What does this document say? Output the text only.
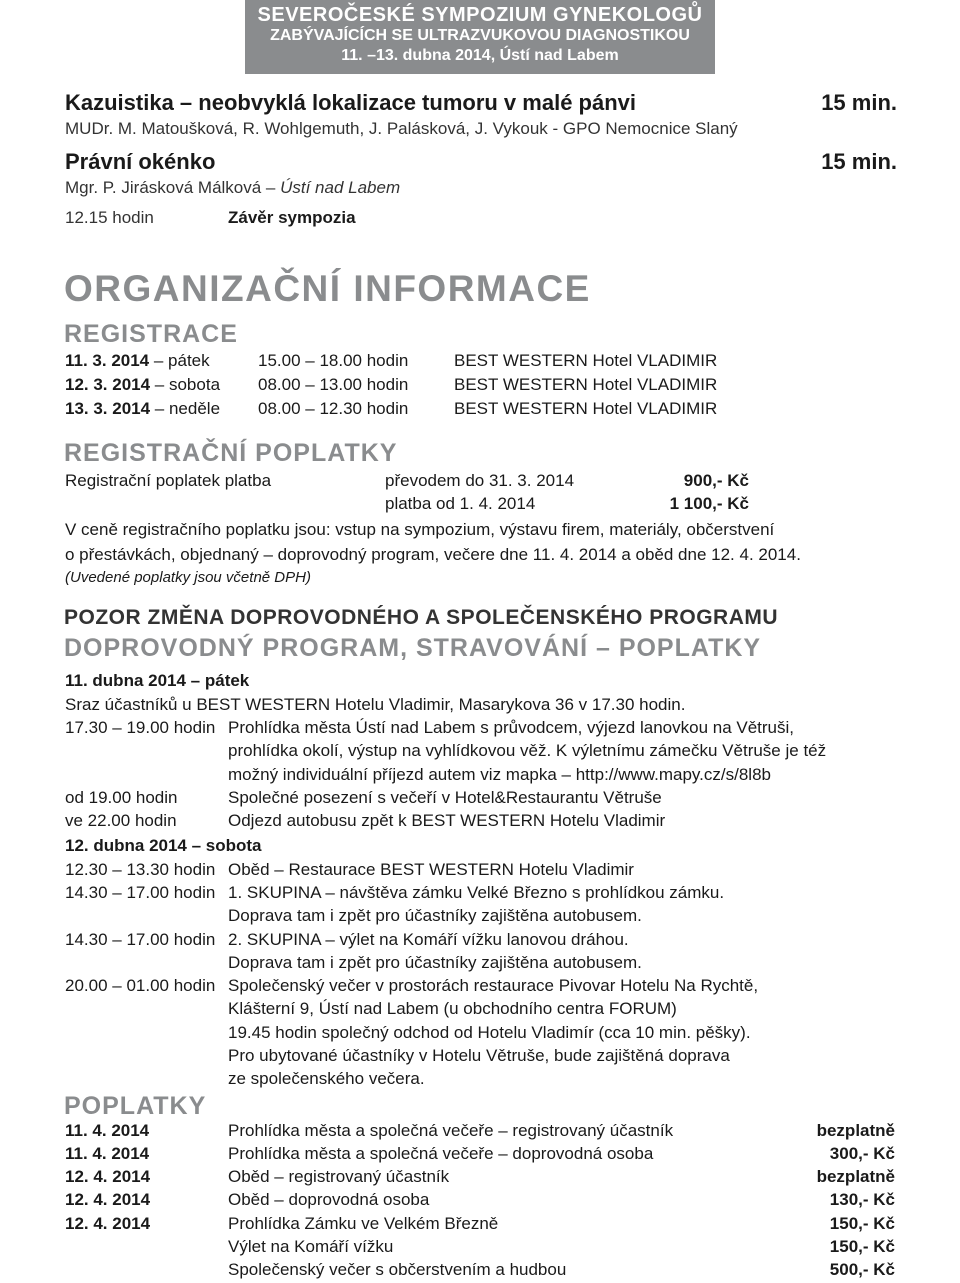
SEVEROČESKÉ SYMPOZIUM GYNEKOLOGŮ
ZABÝVAJÍCÍCH SE ULTRAZVUKOVOU DIAGNOSTIKOU
11. –13. dubna 2014, Ústí nad Labem
Kazuistika – neobvyklá lokalizace tumoru v malé pánvi	15 min.
MUDr. M. Matoušková, R. Wohlgemuth, J. Palásková, J. Vykouk - GPO Nemocnice Slaný
Právní okénko	15 min.
Mgr. P. Jirásková Málková – Ústí nad Labem
12.15 hodin	Závěr sympozia
ORGANIZAČNÍ INFORMACE
REGISTRACE
11. 3. 2014 – pátek	15.00 – 18.00 hodin	BEST WESTERN Hotel VLADIMIR
12. 3. 2014 – sobota 08.00 – 13.00 hodin	BEST WESTERN Hotel VLADIMIR
13. 3. 2014 – neděle 08.00 – 12.30 hodin	BEST WESTERN Hotel VLADIMIR
REGISTRAČNÍ POPLATKY
Registrační poplatek platba	převodem do 31. 3. 2014	900,- Kč
platba od 1. 4. 2014	1 100,- Kč
V ceně registračního poplatku jsou: vstup na sympozium, výstavu firem, materiály, občerstvení
o přestávkách, objednaný – doprovodný program, večere dne 11. 4. 2014 a oběd dne 12. 4. 2014.
(Uvedené poplatky jsou včetně DPH)
POZOR ZMĚNA DOPROVODNÉHO A SPOLEČENSKÉHO PROGRAMU
DOPROVODNÝ PROGRAM, STRAVOVÁNÍ – POPLATKY
11. dubna 2014 – pátek
Sraz účastníků u BEST WESTERN Hotelu Vladimir, Masarykova 36 v 17.30 hodin.
17.30 – 19.00 hodin Prohlídka města Ústí nad Labem s průvodcem, výjezd lanovkou na Větruši,
prohlídka okolí, výstup na vyhlídkovou věž. K výletnímu zámečku Větruše je též
možný individuální příjezd autem viz mapka – http://www.mapy.cz/s/8l8b
od 19.00 hodin	Společné posezení s večeří v Hotel&Restaurantu Větruše
ve 22.00 hodin	Odjezd autobusu zpět k BEST WESTERN Hotelu Vladimir
12. dubna 2014 – sobota
12.30 – 13.30 hodin Oběd – Restaurace BEST WESTERN Hotelu Vladimir
14.30 – 17.00 hodin 1. SKUPINA – návštěva zámku Velké Březno s prohlídkou zámku.
Doprava tam i zpět pro účastníky zajištěna autobusem.
14.30 – 17.00 hodin 2. SKUPINA – výlet na Komáří vížku lanovou dráhou.
Doprava tam i zpět pro účastníky zajištěna autobusem.
20.00 – 01.00 hodin Společenský večer v prostorách restaurace Pivovar Hotelu Na Rychtě,
Klášterní 9, Ústí nad Labem (u obchodního centra FORUM)
19.45 hodin společný odchod od Hotelu Vladimír (cca 10 min. pěšky).
Pro ubytované účastníky v Hotelu Větruše, bude zajištěná doprava
ze společenského večera.
POPLATKY
11. 4. 2014	Prohlídka města a společná večeře – registrovaný účastník	bezplatně
11. 4. 2014	Prohlídka města a společná večeře – doprovodná osoba	300,- Kč
12. 4. 2014	Oběd – registrovaný účastník	bezplatně
12. 4. 2014	Oběd – doprovodná osoba	130,- Kč
12. 4. 2014	Prohlídka Zámku ve Velkém Březně	150,- Kč
Výlet na Komáří vížku	150,- Kč
Společenský večer s občerstvením a hudbou	500,- Kč
